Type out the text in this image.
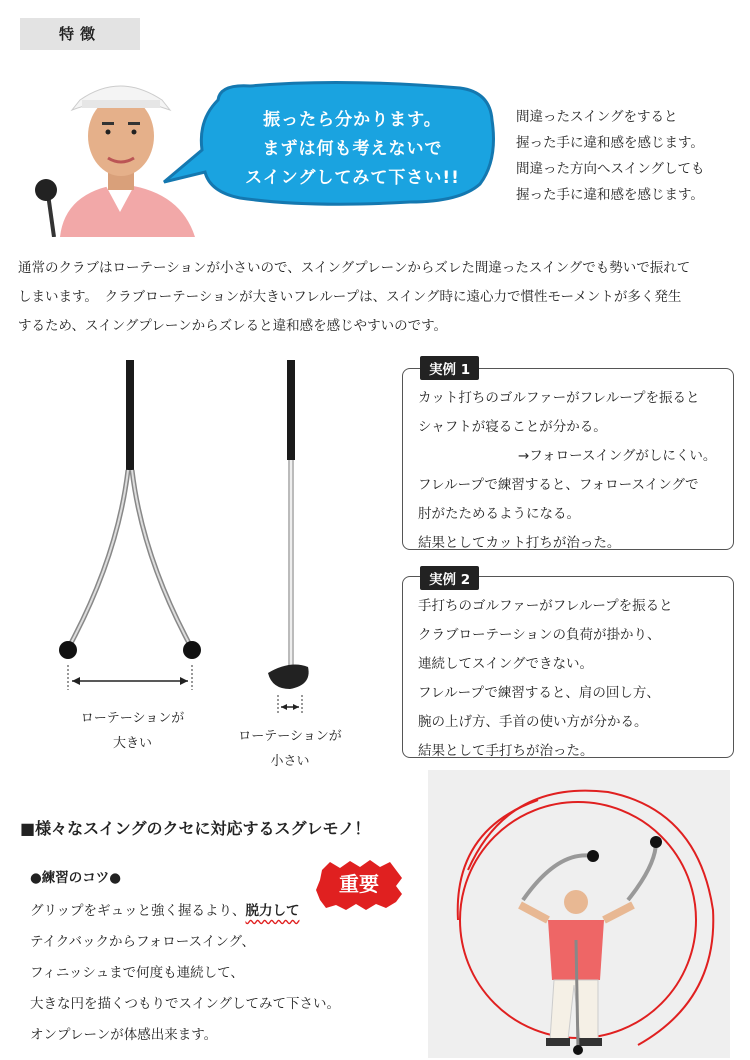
特徴
振ったら分かります。
まずは何も考えないで
スイングしてみて下さい!!
間違ったスイングをすると
握った手に違和感を感じます。
間違った方向へスイングしても
握った手に違和感を感じます。
通常のクラブはローテーションが小さいので、スイングプレーンからズレた間違ったスイングでも勢いで振れて
しまいます。　クラブローテーションが大きいフレループは、スイング時に遠心力で慣性モーメントが多く発生
するため、スイングプレーンからズレると違和感を感じやすいのです。
ローテーションが
大きい	ローテーションが
小さい
実例 1
カット打ちのゴルファーがフレループを振ると
シャフトが寝ることが分かる。
→フォロースイングがしにくい。
フレループで練習すると、フォロースイングで
肘がたためるようになる。
結果としてカット打ちが治った。
実例 2
手打ちのゴルファーがフレループを振ると
クラブローテーションの負荷が掛かり、
連続してスイングできない。
フレループで練習すると、肩の回し方、
腕の上げ方、手首の使い方が分かる。
結果として手打ちが治った。
■様々なスイングのクセに対応するスグレモノ！
●練習のコツ●
グリップをギュッと強く握るより、脱力して
テイクバックからフォロースイング、
フィニッシュまで何度も連続して、
大きな円を描くつもりでスイングしてみて下さい。
オンプレーンが体感出来ます。
重要
